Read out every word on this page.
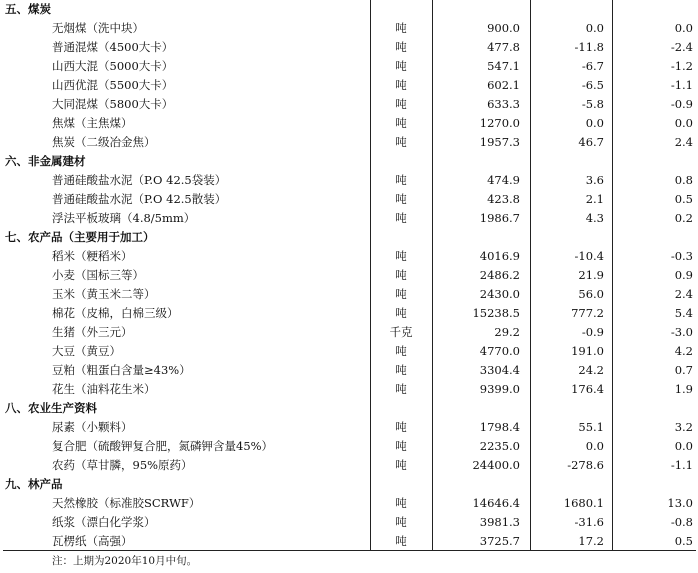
五、煤炭
无烟煤（洗中块）	吨	900.0	0.0	0.0
普通混煤（4500大卡）	吨	477.8	-11.8	-2.4
山西大混（5000大卡）	吨	547.1	-6.7	-1.2
山西优混（5500大卡）	吨	602.1	-6.5	-1.1
大同混煤（5800大卡）	吨	633.3	-5.8	-0.9
焦煤（主焦煤）	吨	1270.0	0.0	0.0
焦炭（二级冶金焦）	吨	1957.3	46.7	2.4
六、非金属建材
普通硅酸盐水泥（P.O 42.5袋装）	吨	474.9	3.6	0.8
普通硅酸盐水泥（P.O 42.5散装）	吨	423.8	2.1	0.5
浮法平板玻璃（4.8/5mm）	吨	1986.7	4.3	0.2
七、农产品（主要用于加工）
稻米（粳稻米）	吨	4016.9	-10.4	-0.3
小麦（国标三等）	吨	2486.2	21.9	0.9
玉米（黄玉米二等）	吨	2430.0	56.0	2.4
棉花（皮棉，白棉三级）	吨	15238.5	777.2	5.4
生猪（外三元）	千克	29.2	-0.9	-3.0
大豆（黄豆）	吨	4770.0	191.0	4.2
豆粕（粗蛋白含量≥43%）	吨	3304.4	24.2	0.7
花生（油料花生米）	吨	9399.0	176.4	1.9
八、农业生产资料
尿素（小颗料）	吨	1798.4	55.1	3.2
复合肥（硫酸钾复合肥，氮磷钾含量45%）	吨	2235.0	0.0	0.0
农药（草甘膦，95%原药）	吨	24400.0	-278.6	-1.1
九、林产品
天然橡胶（标准胶SCRWF）	吨	14646.4	1680.1	13.0
纸浆（漂白化学浆）	吨	3981.3	-31.6	-0.8
瓦楞纸（高强）	吨	3725.7	17.2	0.5
注：上期为2020年10月中旬。
